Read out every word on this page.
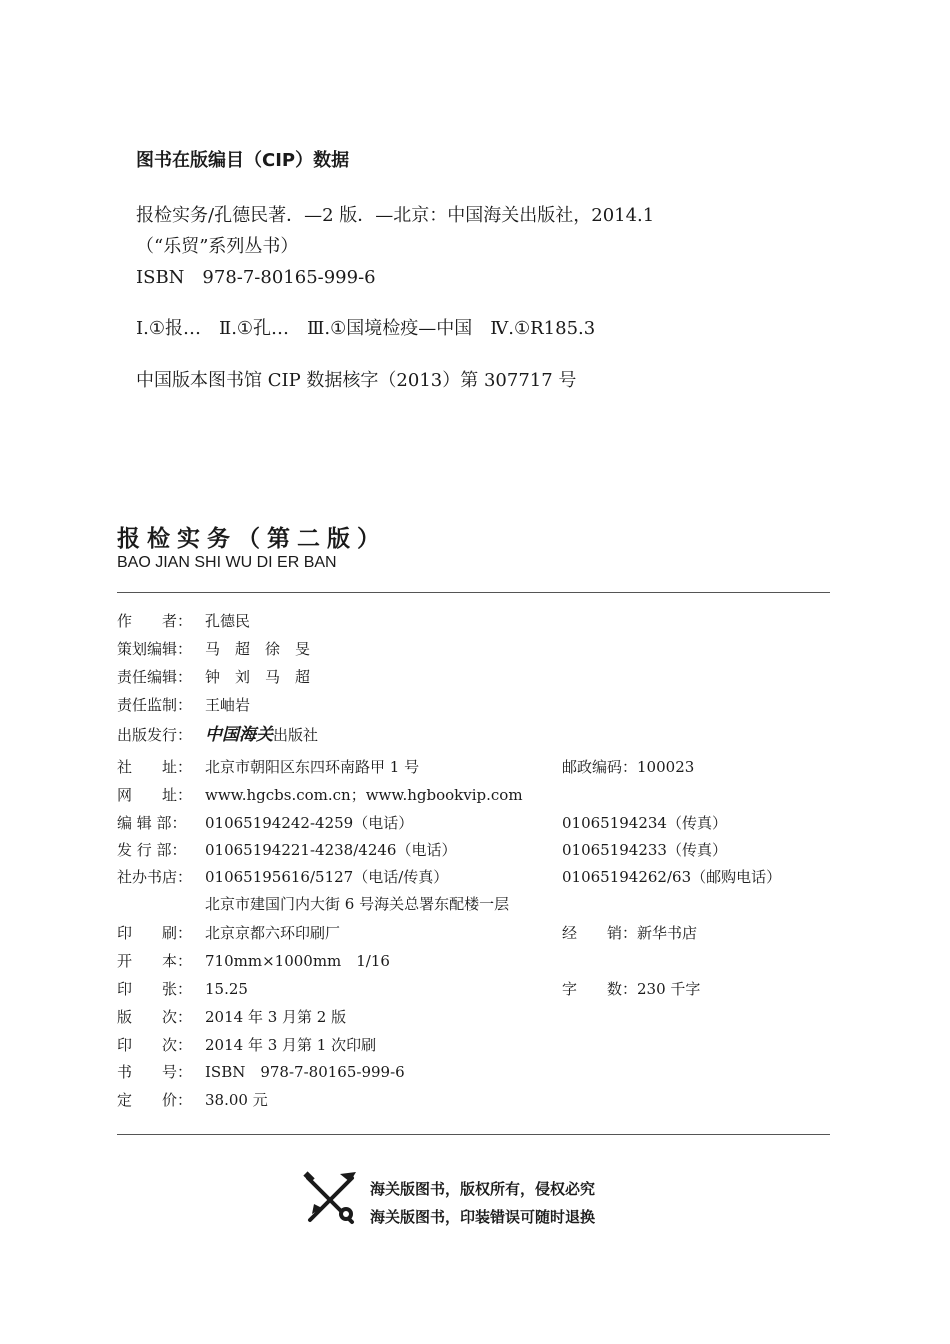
图书在版编目（CIP）数据
报检实务/孔德民著．—2 版．—北京：中国海关出版社，2014.1
（“乐贸”系列丛书）
ISBN　978-7-80165-999-6
Ⅰ.①报…　Ⅱ.①孔…　Ⅲ.①国境检疫—中国　Ⅳ.①R185.3
中国版本图书馆 CIP 数据核字（2013）第 307717 号
报检实务（第二版）
BAO JIAN SHI WU DI ER BAN
作　　者： 孔德民
策划编辑： 马　超　徐　旻
责任编辑： 钟　刘　马　超
责任监制： 王岫岩
出版发行： 中国海关出版社
社　　址： 北京市朝阳区东四环南路甲 1 号	邮政编码：100023
网　　址： www.hgcbs.com.cn；www.hgbookvip.com
编 辑 部： 01065194242-4259（电话）	01065194234（传真）
发 行 部： 01065194221-4238/4246（电话）	01065194233（传真）
社办书店： 01065195616/5127（电话/传真）	01065194262/63（邮购电话）
北京市建国门内大街 6 号海关总署东配楼一层
印　　刷： 北京京都六环印刷厂	经　　销：新华书店
开　　本： 710mm×1000mm　1/16
印　　张： 15.25	字　　数：230 千字
版　　次： 2014 年 3 月第 2 版
印　　次： 2014 年 3 月第 1 次印刷
书　　号： ISBN　978-7-80165-999-6
定　　价： 38.00 元
海关版图书，版权所有，侵权必究
海关版图书，印装错误可随时退换
